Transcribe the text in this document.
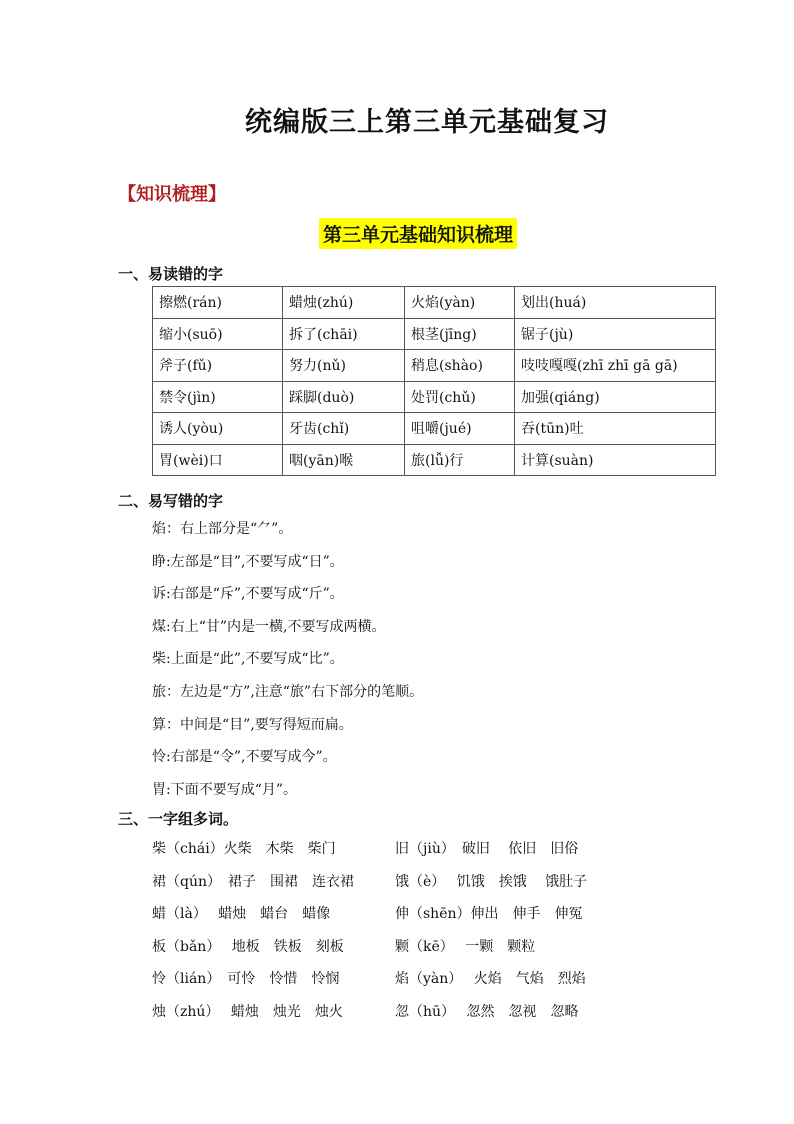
统编版三上第三单元基础复习
【知识梳理】
第三单元基础知识梳理
一、易读错的字
擦燃(rán)	蜡烛(zhú)	火焰(yàn)	划出(huá)
缩小(suō)	拆了(chāi)	根茎(jīng)	锯子(jù)
斧子(fǔ)	努力(nǔ)	稍息(shào)	吱吱嘎嘎(zhī zhī gā gā)
禁令(jìn)	踩脚(duò)	处罚(chǔ)	加强(qiáng)
诱人(yòu)	牙齿(chǐ)	咀嚼(jué)	吞(tūn)吐
胃(wèi)口	咽(yān)喉	旅(lǚ)行	计算(suàn)
二、易写错的字
焰：右上部分是“⺈”。
睁:左部是“目”,不要写成“日”。
诉:右部是“斥”,不要写成“斤”。
煤:右上“甘”内是一横,不要写成两横。
柴:上面是“此”,不要写成“比”。
旅：左边是“方”,注意“旅”右下部分的笔顺。
算：中间是“目”,要写得短而扁。
怜:右部是“令”,不要写成今”。
胃:下面不要写成“月”。
三、一字组多词。
柴（chái）火柴　木柴　柴门	旧（jiù）　破旧　 依旧　旧俗
裙（qún）　裙子　围裙　连衣裙	饿（è）　 饥饿　挨饿　 饿肚子
蜡（là）　 蜡烛　蜡台　蜡像	伸（shēn）伸出　伸手　伸冤
板（bǎn）　 地板　铁板　刻板	颗（kē）　 一颗　颗粒
怜（lián）　可怜　怜惜　怜悯	焰（yàn）　 火焰　气焰　烈焰
烛（zhú）　 蜡烛　烛光　烛火	忽（hū）　 忽然　忽视　忽略
